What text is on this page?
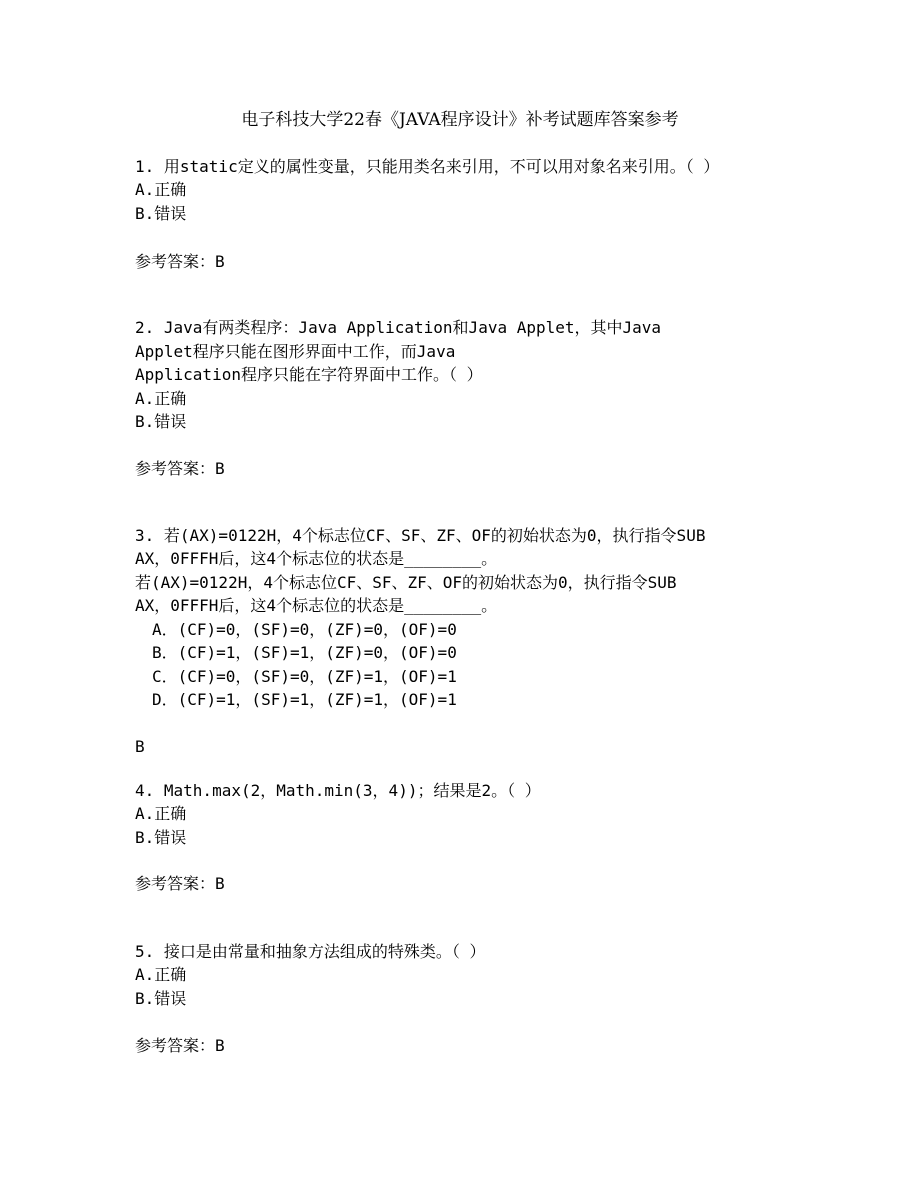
电子科技大学22春《JAVA程序设计》补考试题库答案参考
1. 用static定义的属性变量，只能用类名来引用，不可以用对象名来引用。（ ）
A.正确
B.错误
参考答案：B
2. Java有两类程序：Java Application和Java Applet，其中Java
Applet程序只能在图形界面中工作，而Java
Application程序只能在字符界面中工作。（ ）
A.正确
B.错误
参考答案：B
3. 若(AX)=0122H，4个标志位CF、SF、ZF、OF的初始状态为0，执行指令SUB
AX，0FFFH后，这4个标志位的状态是________。
若(AX)=0122H，4个标志位CF、SF、ZF、OF的初始状态为0，执行指令SUB
AX，0FFFH后，这4个标志位的状态是________。
A．(CF)=0，(SF)=0，(ZF)=0，(OF)=0
B．(CF)=1，(SF)=1，(ZF)=0，(OF)=0
C．(CF)=0，(SF)=0，(ZF)=1，(OF)=1
D．(CF)=1，(SF)=1，(ZF)=1，(OF)=1
B
4. Math.max(2，Math.min(3，4))；结果是2。（ ）
A.正确
B.错误
参考答案：B
5. 接口是由常量和抽象方法组成的特殊类。（ ）
A.正确
B.错误
参考答案：B
